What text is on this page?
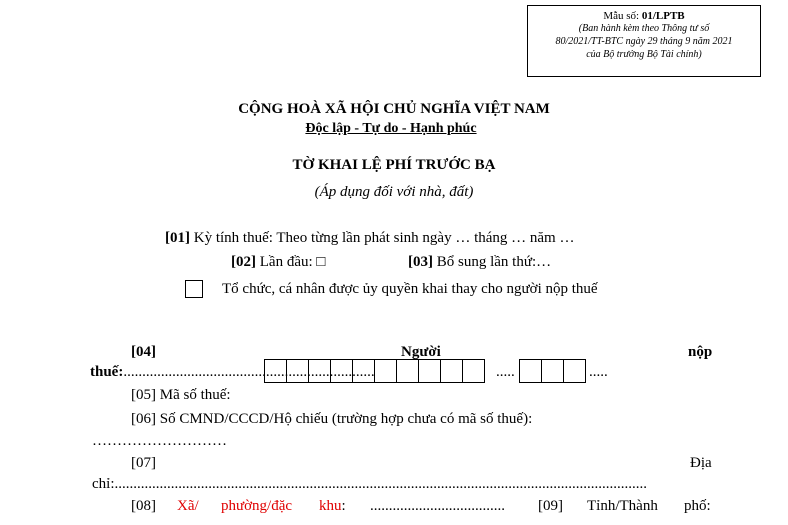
Mẫu số: 01/LPTB
(Ban hành kèm theo Thông tư số
80/2021/TT-BTC ngày 29 tháng 9 năm 2021
của Bộ trưởng Bộ Tài chính)
CỘNG HOÀ XÃ HỘI CHỦ NGHĨA VIỆT NAM
Độc lập - Tự do - Hạnh phúc
TỜ KHAI LỆ PHÍ TRƯỚC BẠ
(Áp dụng đối với nhà, đất)
[01] Kỳ tính thuế: Theo từng lần phát sinh ngày … tháng … năm …
[02] Lần đầu: □	[03] Bổ sung lần thứ:…
Tổ chức, cá nhân được ủy quyền khai thay cho người nộp thuế
[04]	Người	nộp
thuế:...................................................................	.....	.....
[05] Mã số thuế:
[06] Số CMND/CCCD/Hộ chiếu (trường hợp chưa có mã số thuế):
………………………
[07]	Địa
chỉ:..............................................................................................................................................
[08] Xã/ phường/đặc khu: .................................... [09] Tỉnh/Thành phố:
